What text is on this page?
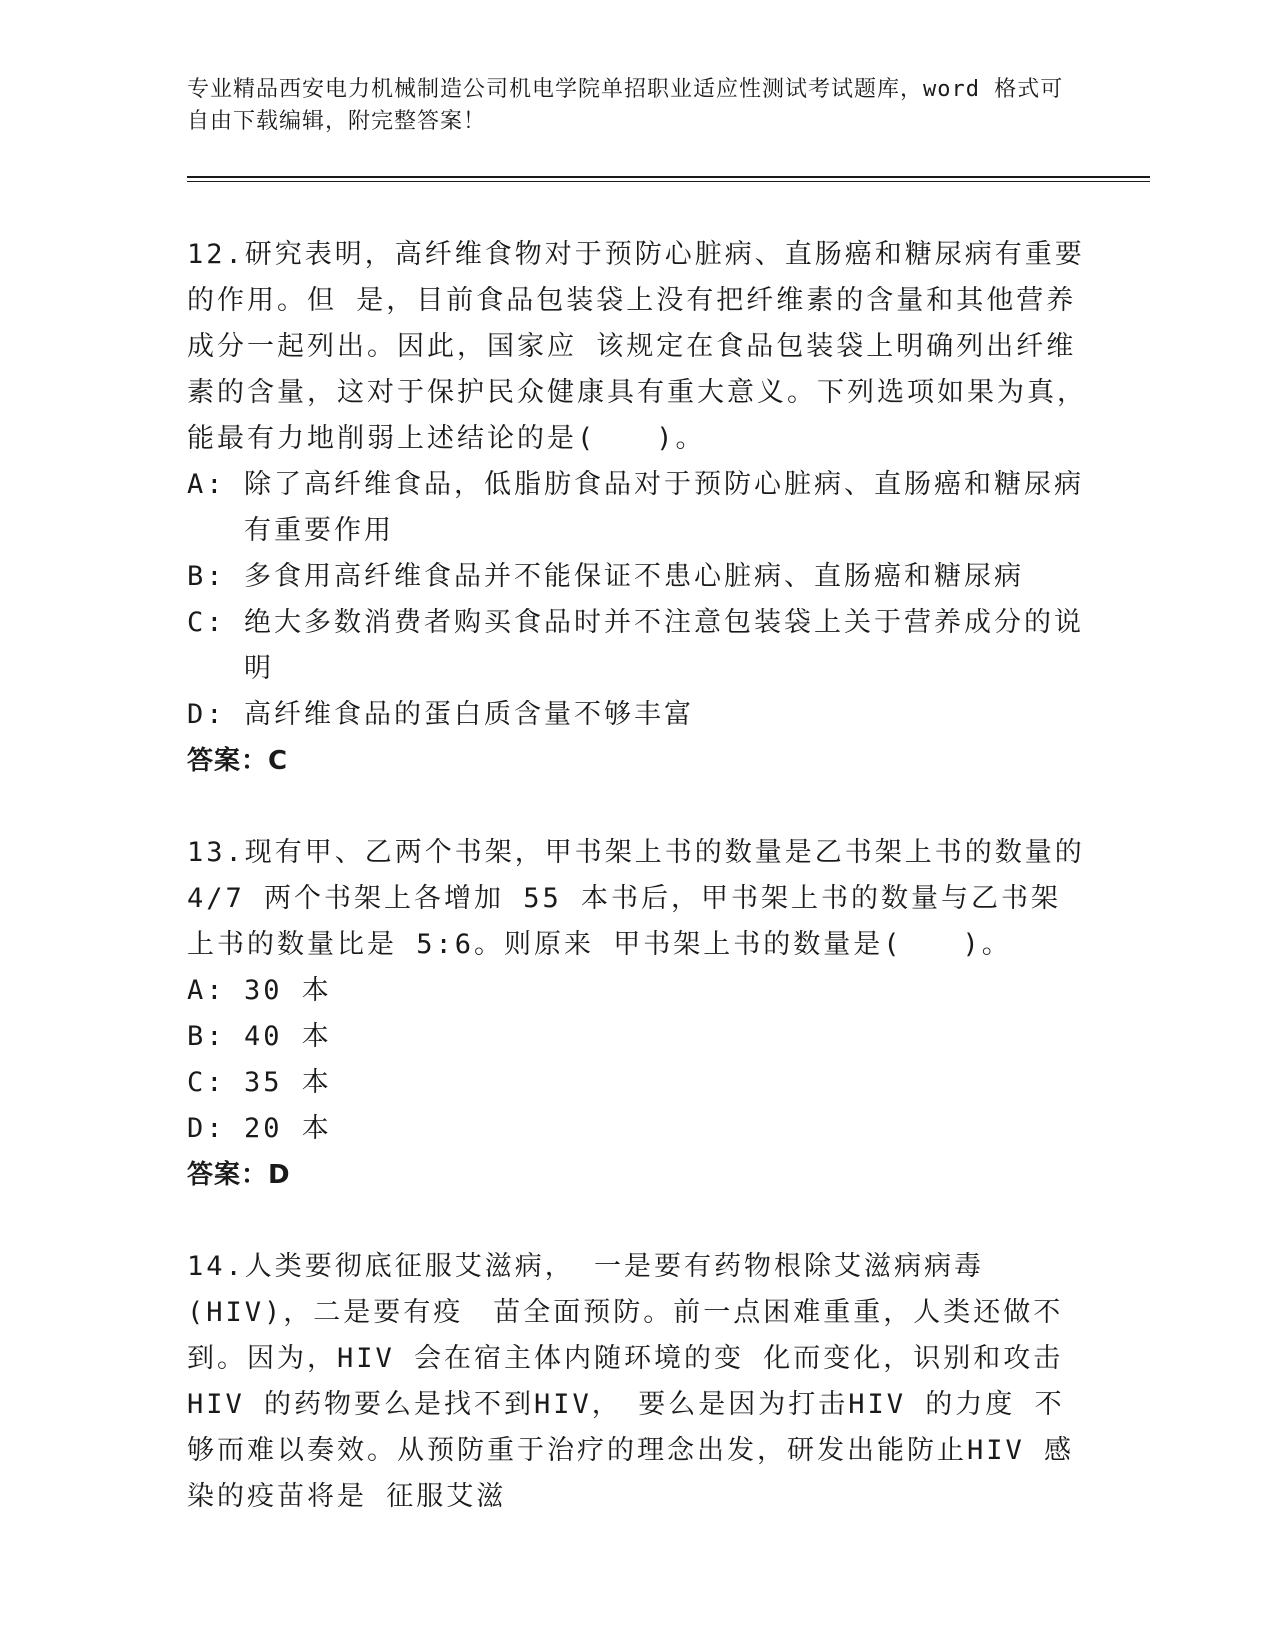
专业精品西安电力机械制造公司机电学院单招职业适应性测试考试题库，word 格式可自由下载编辑，附完整答案！

12.研究表明，高纤维食物对于预防心脏病、直肠癌和糖尿病有重要的作用。但 是，目前食品包装袋上没有把纤维素的含量和其他营养成分一起列出。因此，国家应 该规定在食品包装袋上明确列出纤维素的含量，这对于保护民众健康具有重大意义。下列选项如果为真，能最有力地削弱上述结论的是(　　)。

A: 除了高纤维食品，低脂肪食品对于预防心脏病、直肠癌和糖尿病有重要作用
B: 多食用高纤维食品并不能保证不患心脏病、直肠癌和糖尿病
C: 绝大多数消费者购买食品时并不注意包装袋上关于营养成分的说明
D: 高纤维食品的蛋白质含量不够丰富

答案：C

13.现有甲、乙两个书架，甲书架上书的数量是乙书架上书的数量的 4/7 两个书架上各增加 55 本书后，甲书架上书的数量与乙书架上书的数量比是 5:6。则原来 甲书架上书的数量是(　　)。

A: 30 本
B: 40 本
C: 35 本
D: 20 本

答案：D

14.人类要彻底征服艾滋病， 一是要有药物根除艾滋病病毒 (HIV)，二是要有疫　苗全面预防。前一点困难重重，人类还做不到。因为，HIV 会在宿主体内随环境的变 化而变化，识别和攻击HIV 的药物要么是找不到HIV，　要么是因为打击HIV 的力度 不够而难以奏效。从预防重于治疗的理念出发，研发出能防止HIV 感染的疫苗将是 征服艾滋
